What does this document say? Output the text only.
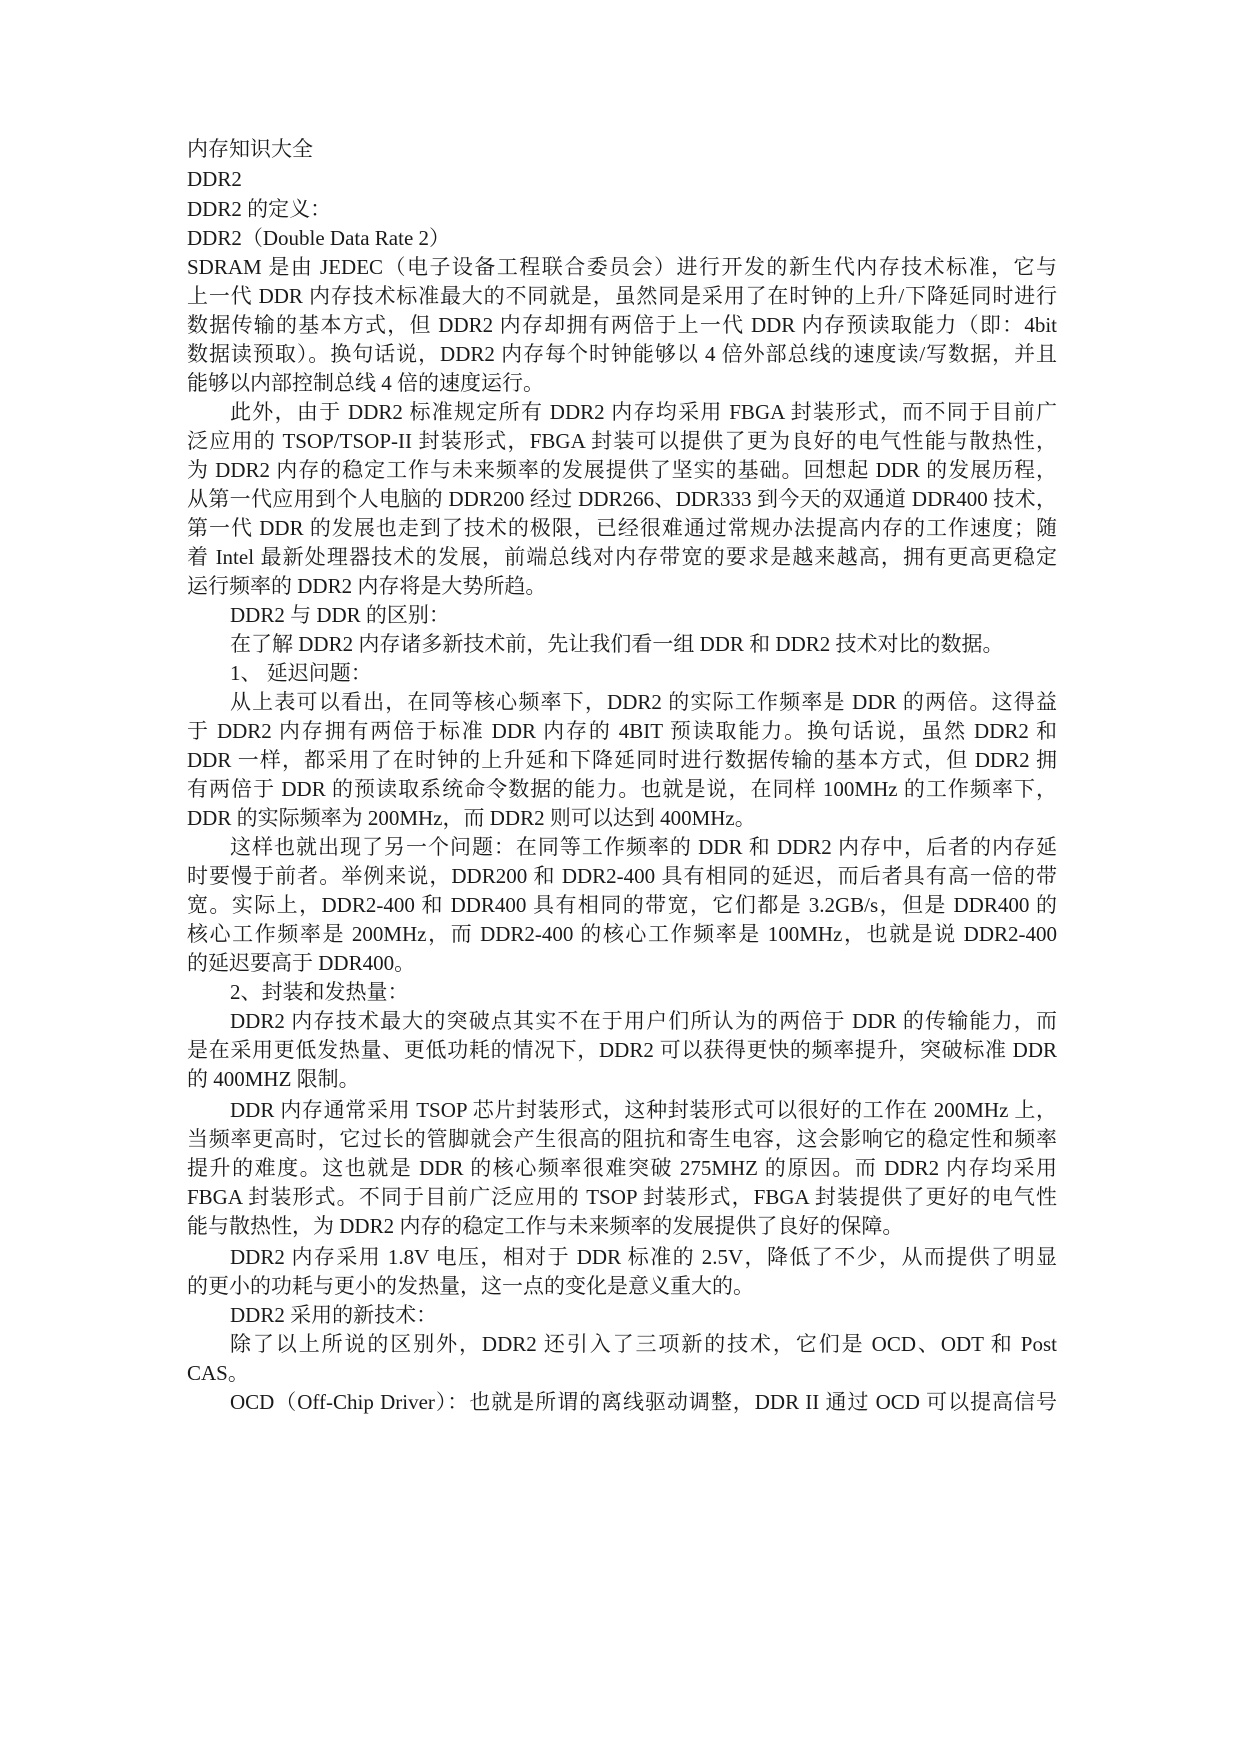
内存知识大全
DDR2
DDR2 的定义：
DDR2（Double Data Rate 2）
SDRAM 是由 JEDEC（电子设备工程联合委员会）进行开发的新生代内存技术标准，它与
上一代 DDR 内存技术标准最大的不同就是，虽然同是采用了在时钟的上升/下降延同时进行
数据传输的基本方式，但 DDR2 内存却拥有两倍于上一代 DDR 内存预读取能力（即：4bit
数据读预取）。换句话说，DDR2 内存每个时钟能够以 4 倍外部总线的速度读/写数据，并且
能够以内部控制总线 4 倍的速度运行。
此外，由于 DDR2 标准规定所有 DDR2 内存均采用 FBGA 封装形式，而不同于目前广
泛应用的 TSOP/TSOP-II 封装形式，FBGA 封装可以提供了更为良好的电气性能与散热性，
为 DDR2 内存的稳定工作与未来频率的发展提供了坚实的基础。回想起 DDR 的发展历程，
从第一代应用到个人电脑的 DDR200 经过 DDR266、DDR333 到今天的双通道 DDR400 技术，
第一代 DDR 的发展也走到了技术的极限，已经很难通过常规办法提高内存的工作速度；随
着 Intel 最新处理器技术的发展，前端总线对内存带宽的要求是越来越高，拥有更高更稳定
运行频率的 DDR2 内存将是大势所趋。
DDR2 与 DDR 的区别：
在了解 DDR2 内存诸多新技术前，先让我们看一组 DDR 和 DDR2 技术对比的数据。
1、 延迟问题：
从上表可以看出，在同等核心频率下，DDR2 的实际工作频率是 DDR 的两倍。这得益
于 DDR2 内存拥有两倍于标准 DDR 内存的 4BIT 预读取能力。换句话说，虽然 DDR2 和
DDR 一样，都采用了在时钟的上升延和下降延同时进行数据传输的基本方式，但 DDR2 拥
有两倍于 DDR 的预读取系统命令数据的能力。也就是说，在同样 100MHz 的工作频率下，
DDR 的实际频率为 200MHz，而 DDR2 则可以达到 400MHz。
这样也就出现了另一个问题：在同等工作频率的 DDR 和 DDR2 内存中，后者的内存延
时要慢于前者。举例来说，DDR200 和 DDR2-400 具有相同的延迟，而后者具有高一倍的带
宽。实际上，DDR2-400 和 DDR400 具有相同的带宽，它们都是 3.2GB/s，但是 DDR400 的
核心工作频率是 200MHz，而 DDR2-400 的核心工作频率是 100MHz，也就是说 DDR2-400
的延迟要高于 DDR400。
2、封装和发热量：
DDR2 内存技术最大的突破点其实不在于用户们所认为的两倍于 DDR 的传输能力，而
是在采用更低发热量、更低功耗的情况下，DDR2 可以获得更快的频率提升，突破标准 DDR
的 400MHZ 限制。
DDR 内存通常采用 TSOP 芯片封装形式，这种封装形式可以很好的工作在 200MHz 上，
当频率更高时，它过长的管脚就会产生很高的阻抗和寄生电容，这会影响它的稳定性和频率
提升的难度。这也就是 DDR 的核心频率很难突破 275MHZ 的原因。而 DDR2 内存均采用
FBGA 封装形式。不同于目前广泛应用的 TSOP 封装形式，FBGA 封装提供了更好的电气性
能与散热性，为 DDR2 内存的稳定工作与未来频率的发展提供了良好的保障。
DDR2 内存采用 1.8V 电压，相对于 DDR 标准的 2.5V，降低了不少，从而提供了明显
的更小的功耗与更小的发热量，这一点的变化是意义重大的。
DDR2 采用的新技术：
除了以上所说的区别外，DDR2 还引入了三项新的技术，它们是 OCD、ODT 和 Post
CAS。
OCD（Off-Chip Driver）：也就是所谓的离线驱动调整，DDR II 通过 OCD 可以提高信号
